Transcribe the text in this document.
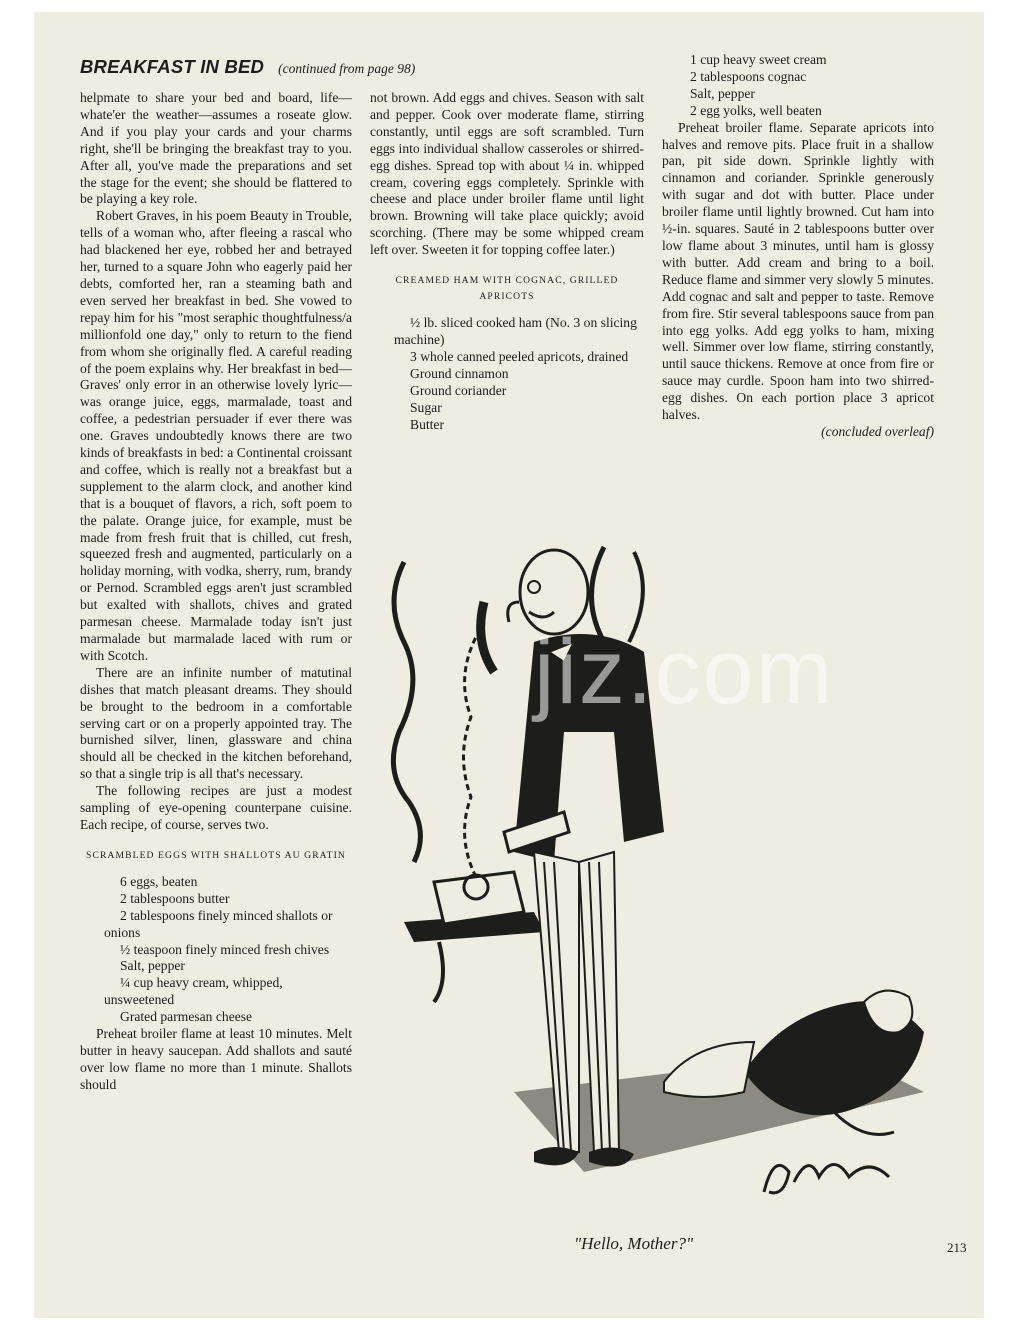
BREAKFAST IN BED (continued from page 98)

helpmate to share your bed and board, life—whate'er the weather—assumes a roseate glow. And if you play your cards and your charms right, she'll be bringing the breakfast tray to you. After all, you've made the preparations and set the stage for the event; she should be flattered to be playing a key role.

Robert Graves, in his poem Beauty in Trouble, tells of a woman who, after fleeing a rascal who had blackened her eye, robbed her and betrayed her, turned to a square John who eagerly paid her debts, comforted her, ran a steaming bath and even served her breakfast in bed. She vowed to repay him for his "most seraphic thoughtfulness/a millionfold one day," only to return to the fiend from whom she originally fled. A careful reading of the poem explains why. Her breakfast in bed—Graves' only error in an otherwise lovely lyric—was orange juice, eggs, marmalade, toast and coffee, a pedestrian persuader if ever there was one. Graves undoubtedly knows there are two kinds of breakfasts in bed: a Continental croissant and coffee, which is really not a breakfast but a supplement to the alarm clock, and another kind that is a bouquet of flavors, a rich, soft poem to the palate. Orange juice, for example, must be made from fresh fruit that is chilled, cut fresh, squeezed fresh and augmented, particularly on a holiday morning, with vodka, sherry, rum, brandy or Pernod. Scrambled eggs aren't just scrambled but exalted with shallots, chives and grated parmesan cheese. Marmalade today isn't just marmalade but marmalade laced with rum or with Scotch.

There are an infinite number of matutinal dishes that match pleasant dreams. They should be brought to the bedroom in a comfortable serving cart or on a properly appointed tray. The burnished silver, linen, glassware and china should all be checked in the kitchen beforehand, so that a single trip is all that's necessary.

The following recipes are just a modest sampling of eye-opening counterpane cuisine. Each recipe, of course, serves two.

SCRAMBLED EGGS WITH SHALLOTS AU GRATIN

6 eggs, beaten

2 tablespoons butter

2 tablespoons finely minced shallots or onions

½ teaspoon finely minced fresh chives

Salt, pepper

¼ cup heavy cream, whipped, unsweetened

Grated parmesan cheese

Preheat broiler flame at least 10 minutes. Melt butter in heavy saucepan. Add shallots and sauté over low flame no more than 1 minute. Shallots should

not brown. Add eggs and chives. Season with salt and pepper. Cook over moderate flame, stirring constantly, until eggs are soft scrambled. Turn eggs into individual shallow casseroles or shirred-egg dishes. Spread top with about ¼ in. whipped cream, covering eggs completely. Sprinkle with cheese and place under broiler flame until light brown. Browning will take place quickly; avoid scorching. (There may be some whipped cream left over. Sweeten it for topping coffee later.)

CREAMED HAM WITH COGNAC, GRILLED APRICOTS

½ lb. sliced cooked ham (No. 3 on slicing machine)

3 whole canned peeled apricots, drained

Ground cinnamon

Ground coriander

Sugar

Butter

1 cup heavy sweet cream

2 tablespoons cognac

Salt, pepper

2 egg yolks, well beaten

Preheat broiler flame. Separate apricots into halves and remove pits. Place fruit in a shallow pan, pit side down. Sprinkle lightly with cinnamon and coriander. Sprinkle generously with sugar and dot with butter. Place under broiler flame until lightly browned. Cut ham into ½-in. squares. Sauté in 2 tablespoons butter over low flame about 3 minutes, until ham is glossy with butter. Add cream and bring to a boil. Reduce flame and simmer very slowly 5 minutes. Add cognac and salt and pepper to taste. Remove from fire. Stir several tablespoons sauce from pan into egg yolks. Add egg yolks to ham, mixing well. Simmer over low flame, stirring constantly, until sauce thickens. Remove at once from fire or sauce may curdle. Spoon ham into two shirred-egg dishes. On each portion place 3 apricot halves.

(concluded overleaf)

jiz.com
"Hello, Mother?"	213
